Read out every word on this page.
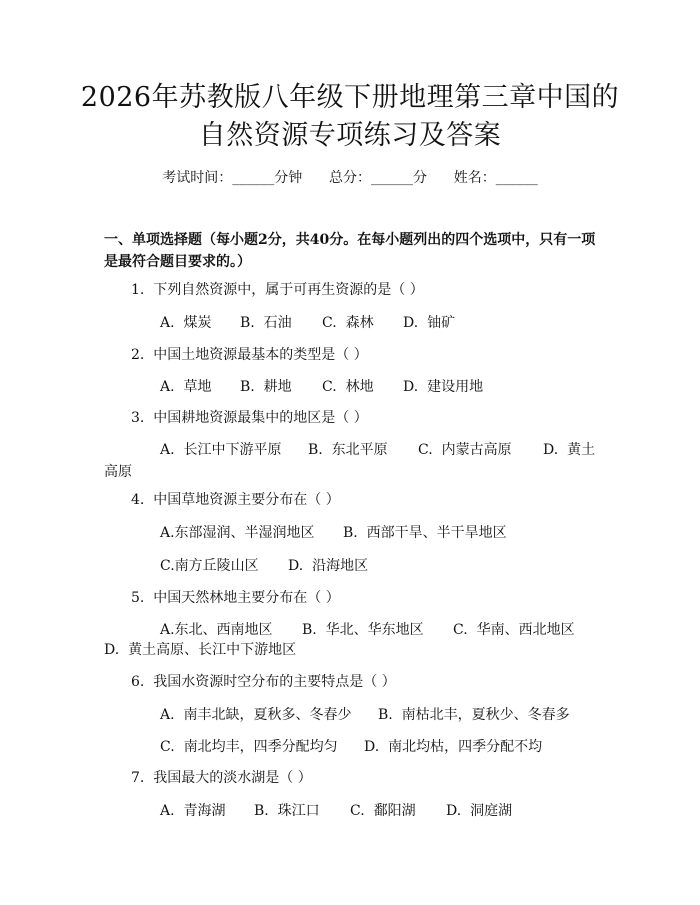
2026年苏教版八年级下册地理第三章中国的
自然资源专项练习及答案
考试时间：______分钟 总分：______分 姓名：______
一、单项选择题（每小题2分，共40分。在每小题列出的四个选项中，只有一项
是最符合题目要求的。）
1.  下列自然资源中，属于可再生资源的是（ ）
A.  煤炭 B.  石油 C.  森林 D.  铀矿
2.  中国土地资源最基本的类型是（ ）
A.  草地 B.  耕地 C.  林地 D.  建设用地
3.  中国耕地资源最集中的地区是（ ）
A.  长江中下游平原 B.  东北平原 C.  内蒙古高原 D.  黄土
高原
4.  中国草地资源主要分布在（ ）
A.东部湿润、半湿润地区 B.  西部干旱、半干旱地区
C.南方丘陵山区 D.  沿海地区
5.  中国天然林地主要分布在（ ）
A.东北、西南地区 B.  华北、华东地区 C.  华南、西北地区
D.  黄土高原、长江中下游地区
6.  我国水资源时空分布的主要特点是（ ）
A.  南丰北缺，夏秋多、冬春少 B.  南枯北丰，夏秋少、冬春多
C.  南北均丰，四季分配均匀 D.  南北均枯，四季分配不均
7.  我国最大的淡水湖是（ ）
A.  青海湖 B.  珠江口 C.  鄱阳湖 D.  洞庭湖
